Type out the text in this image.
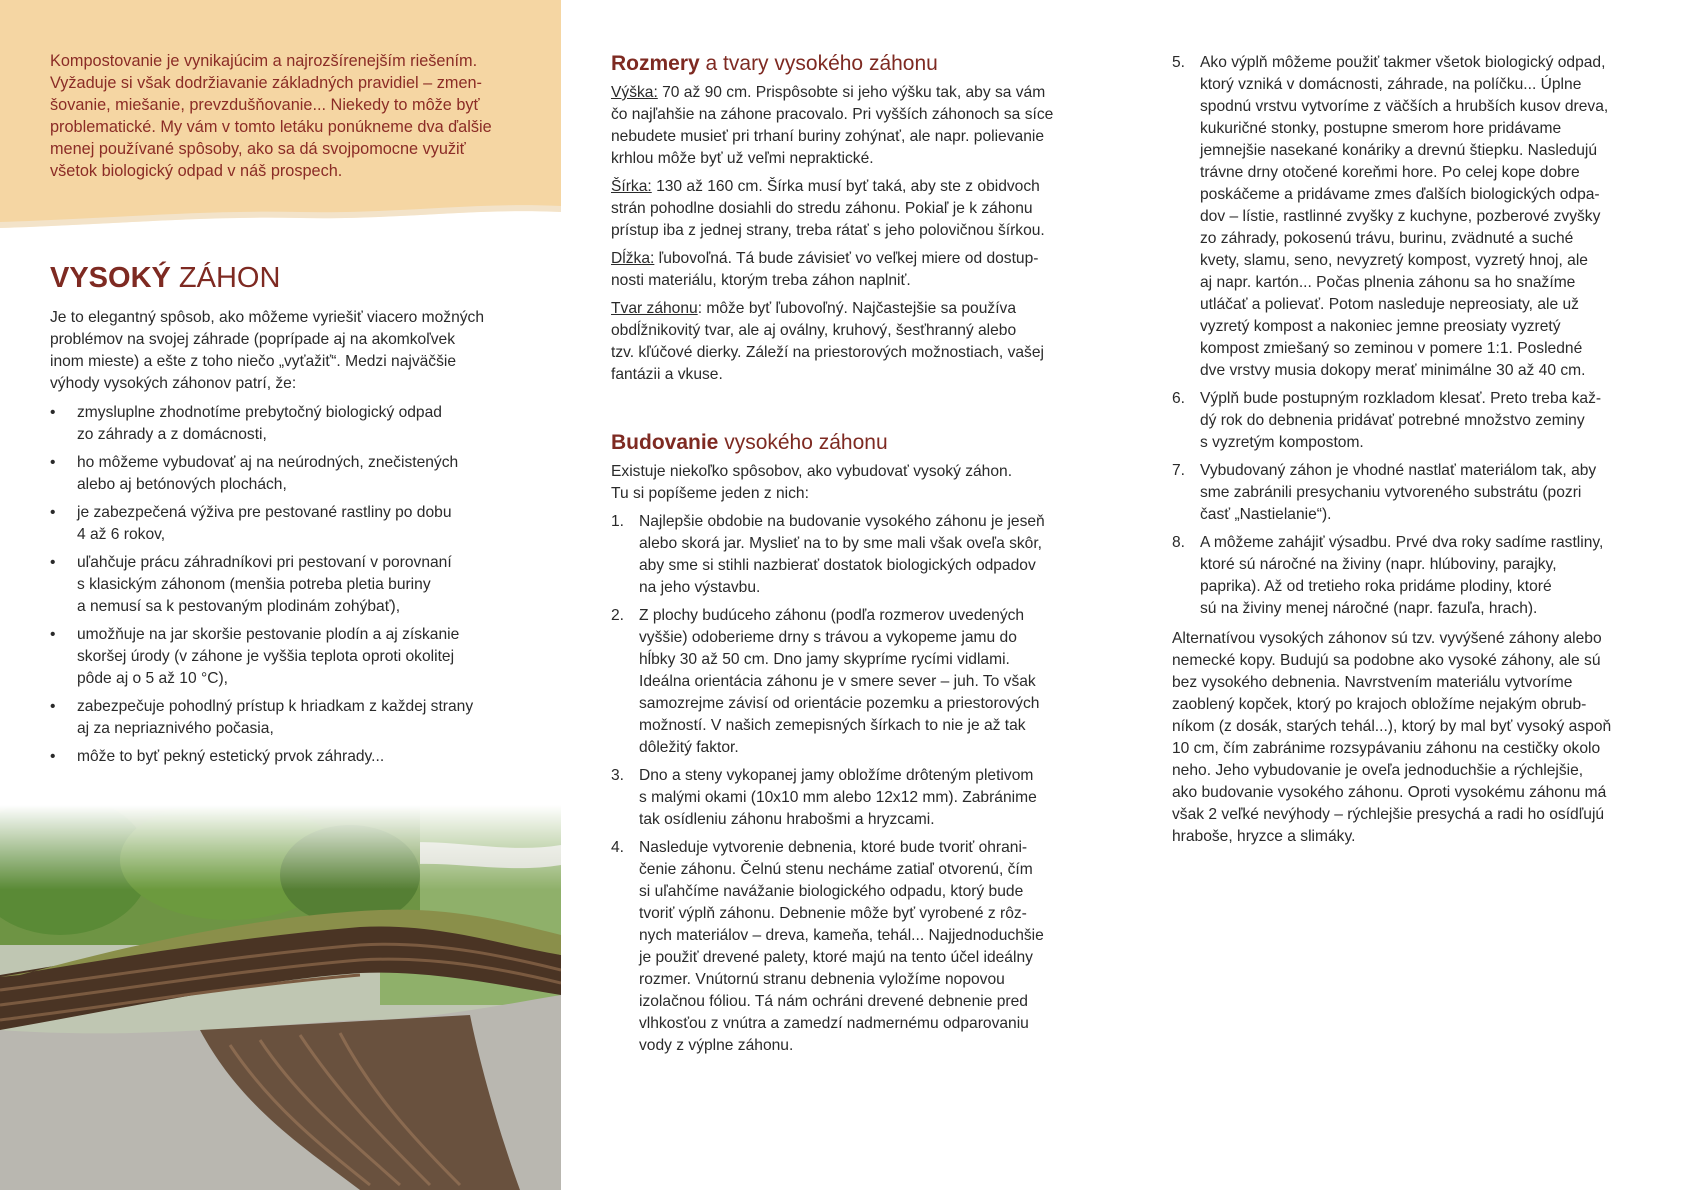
Kompostovanie je vynikajúcim a najrozšírenejším riešením.
Vyžaduje si však dodržiavanie základných pravidiel – zmen-
šovanie, miešanie, prevzdušňovanie... Niekedy to môže byť
problematické. My vám v tomto letáku ponúkneme dva ďalšie
menej používané spôsoby, ako sa dá svojpomocne využiť
všetok biologický odpad v náš prospech.
VYSOKÝ ZÁHON
Je to elegantný spôsob, ako môžeme vyriešiť viacero možných
problémov na svojej záhrade (poprípade aj na akomkoľvek
inom mieste) a ešte z toho niečo „vyťažiť“. Medzi najväčšie
výhody vysokých záhonov patrí, že:
• zmysluplne zhodnotíme prebytočný biologický odpad
zo záhrady a z domácnosti,
• ho môžeme vybudovať aj na neúrodných, znečistených
alebo aj betónových plochách,
• je zabezpečená výživa pre pestované rastliny po dobu
4 až 6 rokov,
• uľahčuje prácu záhradníkovi pri pestovaní v porovnaní
s klasickým záhonom (menšia potreba pletia buriny
a nemusí sa k pestovaným plodinám zohýbať),
• umožňuje na jar skoršie pestovanie plodín a aj získanie
skoršej úrody (v záhone je vyššia teplota oproti okolitej
pôde aj o 5 až 10 °C),
• zabezpečuje pohodlný prístup k hriadkam z každej strany
aj za nepriaznivého počasia,
• môže to byť pekný estetický prvok záhrady...
Rozmery a tvary vysokého záhonu
Výška: 70 až 90 cm. Prispôsobte si jeho výšku tak, aby sa vám
čo najľahšie na záhone pracovalo. Pri vyšších záhonoch sa síce
nebudete musieť pri trhaní buriny zohýnať, ale napr. polievanie
krhlou môže byť už veľmi nepraktické.
Šírka: 130 až 160 cm. Šírka musí byť taká, aby ste z obidvoch
strán pohodlne dosiahli do stredu záhonu. Pokiaľ je k záhonu
prístup iba z jednej strany, treba rátať s jeho polovičnou šírkou.
Dĺžka: ľubovoľná. Tá bude závisieť vo veľkej miere od dostup-
nosti materiálu, ktorým treba záhon naplniť.
Tvar záhonu: môže byť ľubovoľný. Najčastejšie sa používa
obdĺžnikovitý tvar, ale aj oválny, kruhový, šesťhranný alebo
tzv. kľúčové dierky. Záleží na priestorových možnostiach, vašej
fantázii a vkuse.
Budovanie vysokého záhonu
Existuje niekoľko spôsobov, ako vybudovať vysoký záhon.
Tu si popíšeme jeden z nich:
1. Najlepšie obdobie na budovanie vysokého záhonu je jeseň
alebo skorá jar. Myslieť na to by sme mali však oveľa skôr,
aby sme si stihli nazbierať dostatok biologických odpadov
na jeho výstavbu.
2. Z plochy budúceho záhonu (podľa rozmerov uvedených
vyššie) odoberieme drny s trávou a vykopeme jamu do
hĺbky 30 až 50 cm. Dno jamy skypríme rycími vidlami.
Ideálna orientácia záhonu je v smere sever – juh. To však
samozrejme závisí od orientácie pozemku a priestorových
možností. V našich zemepisných šírkach to nie je až tak
dôležitý faktor.
3. Dno a steny vykopanej jamy obložíme drôteným pletivom
s malými okami (10x10 mm alebo 12x12 mm). Zabránime
tak osídleniu záhonu hrabošmi a hryzcami.
4. Nasleduje vytvorenie debnenia, ktoré bude tvoriť ohrani-
čenie záhonu. Čelnú stenu necháme zatiaľ otvorenú, čím
si uľahčíme navážanie biologického odpadu, ktorý bude
tvoriť výplň záhonu. Debnenie môže byť vyrobené z rôz-
nych materiálov – dreva, kameňa, tehál... Najjednoduchšie
je použiť drevené palety, ktoré majú na tento účel ideálny
rozmer. Vnútornú stranu debnenia vyložíme nopovou
izolačnou fóliou. Tá nám ochráni drevené debnenie pred
vlhkosťou z vnútra a zamedzí nadmernému odparovaniu
vody z výplne záhonu.
5. Ako výplň môžeme použiť takmer všetok biologický odpad,
ktorý vzniká v domácnosti, záhrade, na políčku... Úplne
spodnú vrstvu vytvoríme z väčších a hrubších kusov dreva,
kukuričné stonky, postupne smerom hore pridávame
jemnejšie nasekané konáriky a drevnú štiepku. Nasledujú
trávne drny otočené koreňmi hore. Po celej kope dobre
poskáčeme a pridávame zmes ďalších biologických odpa-
dov – lístie, rastlinné zvyšky z kuchyne, pozberové zvyšky
zo záhrady, pokosenú trávu, burinu, zvädnuté a suché
kvety, slamu, seno, nevyzretý kompost, vyzretý hnoj, ale
aj napr. kartón... Počas plnenia záhonu sa ho snažíme
utláčať a polievať. Potom nasleduje nepreosiaty, ale už
vyzretý kompost a nakoniec jemne preosiaty vyzretý
kompost zmiešaný so zeminou v pomere 1:1. Posledné
dve vrstvy musia dokopy merať minimálne 30 až 40 cm.
6. Výplň bude postupným rozkladom klesať. Preto treba kaž-
dý rok do debnenia pridávať potrebné množstvo zeminy
s vyzretým kompostom.
7. Vybudovaný záhon je vhodné nastlať materiálom tak, aby
sme zabránili presychaniu vytvoreného substrátu (pozri
časť „Nastielanie“).
8. A môžeme zahájiť výsadbu. Prvé dva roky sadíme rastliny,
ktoré sú náročné na živiny (napr. hlúboviny, parajky,
paprika). Až od tretieho roka pridáme plodiny, ktoré
sú na živiny menej náročné (napr. fazuľa, hrach).
Alternatívou vysokých záhonov sú tzv. vyvýšené záhony alebo
nemecké kopy. Budujú sa podobne ako vysoké záhony, ale sú
bez vysokého debnenia. Navrstvením materiálu vytvoríme
zaoblený kopček, ktorý po krajoch obložíme nejakým obrub-
níkom (z dosák, starých tehál...), ktorý by mal byť vysoký aspoň
10 cm, čím zabránime rozsypávaniu záhonu na cestičky okolo
neho. Jeho vybudovanie je oveľa jednoduchšie a rýchlejšie,
ako budovanie vysokého záhonu. Oproti vysokému záhonu má
však 2 veľké nevýhody – rýchlejšie presychá a radi ho osídľujú
hraboše, hryzce a slimáky.
